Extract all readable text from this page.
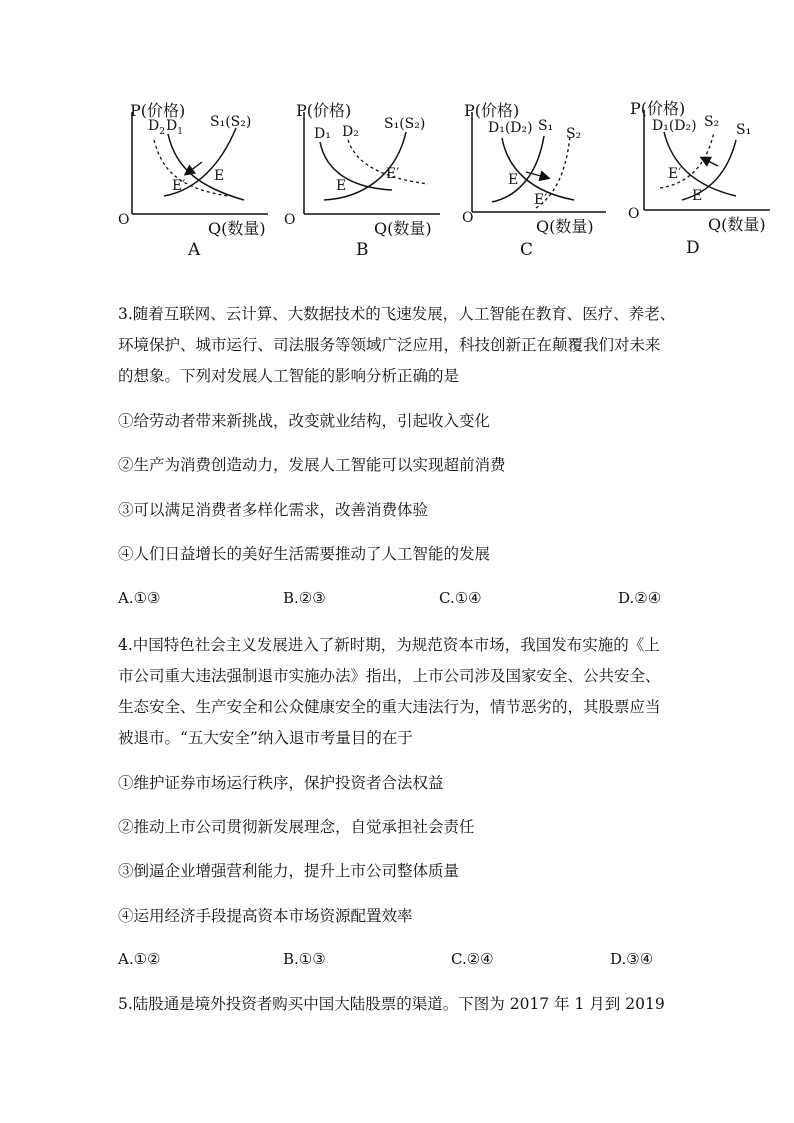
P(价格)
$D_2$ $D_1$
S₁(S₂)
E
E′
O	Q(数量)
A
P(价格)
D₁ D₂ S₁(S₂)
E
E′
O	Q(数量)
B
P(价格)
D₁(D₂) S₁ S₂
E
E′
O	Q(数量)
C
P(价格)
D₁(D₂) S₂ S₁
E′
E
O
Q(数量)
D
3.随着互联网、云计算、大数据技术的飞速发展，人工智能在教育、医疗、养老、
环境保护、城市运行、司法服务等领域广泛应用，科技创新正在颠覆我们对未来
的想象。下列对发展人工智能的影响分析正确的是
①给劳动者带来新挑战，改变就业结构，引起收入变化
②生产为消费创造动力，发展人工智能可以实现超前消费
③可以满足消费者多样化需求，改善消费体验
④人们日益增长的美好生活需要推动了人工智能的发展
A.①③	B.②③	C.①④	D.②④
4.中国特色社会主义发展进入了新时期，为规范资本市场，我国发布实施的《上
市公司重大违法强制退市实施办法》指出，上市公司涉及国家安全、公共安全、
生态安全、生产安全和公众健康安全的重大违法行为，情节恶劣的，其股票应当
被退市。“五大安全”纳入退市考量目的在于
①维护证券市场运行秩序，保护投资者合法权益
②推动上市公司贯彻新发展理念，自觉承担社会责任
③倒逼企业增强营利能力，提升上市公司整体质量
④运用经济手段提高资本市场资源配置效率
A.①②	B.①③	C.②④	D.③④
5.陆股通是境外投资者购买中国大陆股票的渠道。下图为 2017 年 1 月到 2019
